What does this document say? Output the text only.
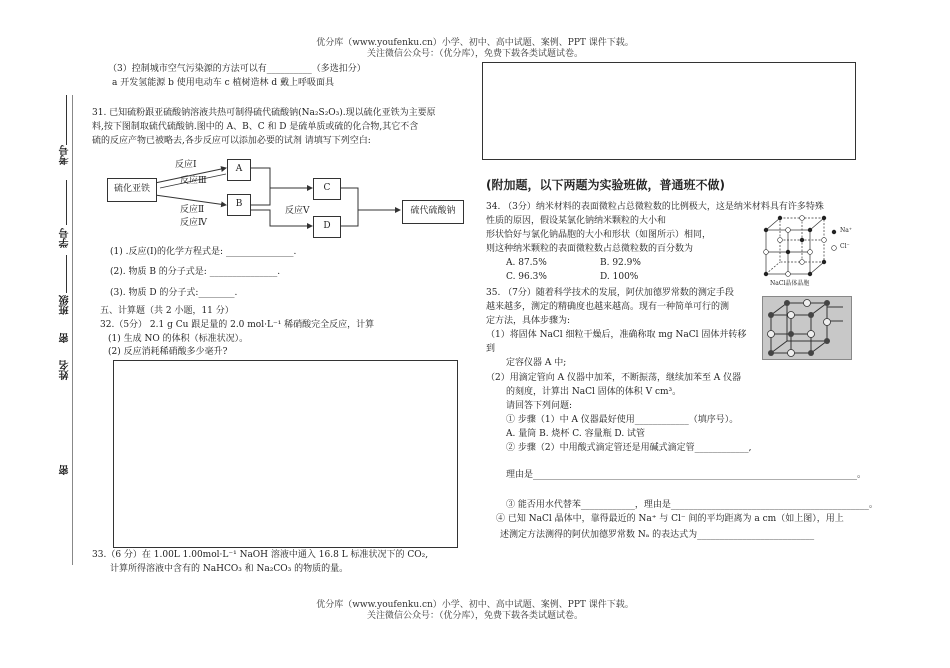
优分库（www.youfenku.cn）小学、初中、高中试题、案例、PPT 课件下载。
关注微信公众号：（优分库），免费下载各类试题试卷。
考号
学号
班级
密
姓名
密
（3）控制城市空气污染源的方法可以有__________（多选扣分）
a 开发氢能源 b 使用电动车 c 植树造林 d 戴上呼吸面具
31. 已知硫粉跟亚硫酸钠溶液共热可制得硫代硫酸钠(Na₂S₂O₃).现以硫化亚铁为主要原
料,按下图制取硫代硫酸钠.图中的 A、B、C 和 D 是硫单质或硫的化合物,其它不含
硫的反应产物已被略去,各步反应可以添加必要的试剂 请填写下列空白:
硫化亚铁
A
B
C
D
硫代硫酸钠
反应Ⅰ
反应Ⅲ
反应Ⅱ
反应Ⅳ
反应Ⅴ
(1) .反应(Ⅰ)的化学方程式是: _______________.
(2). 物质 B 的分子式是: _______________.
(3). 物质 D 的分子式:________.
五、计算题（共 2 小题，11 分）
32.（5分） 2.1 g Cu 跟足量的 2.0 mol·L⁻¹ 稀硝酸完全反应，计算
(1) 生成 NO 的体积（标准状况）。
(2) 反应消耗稀硝酸多少毫升?
33.（6 分）在 1.00L 1.00mol·L⁻¹ NaOH 溶液中通入 16.8 L 标准状况下的 CO₂,
计算所得溶液中含有的 NaHCO₃ 和 Na₂CO₃ 的物质的量。
(附加题，以下两题为实验班做，普通班不做)
34. （3分）纳米材料的表面微粒占总微粒数的比例极大，这是纳米材料具有许多特殊
性质的原因，假设某氯化钠纳米颗粒的大小和
形状恰好与氯化钠晶胞的大小和形状（如图所示）相同，
则这种纳米颗粒的表面微粒数占总微粒数的百分数为
A. 87.5%	B. 92.9%
C. 96.3%	D. 100%
Na⁺
Cl⁻
NaCl晶体晶胞
35. （7分）随着科学技术的发展，阿伏加德罗常数的测定手段
越来越多，测定的精确度也越来越高。现有一种简单可行的测
定方法，具体步骤为:
（1）将固体 NaCl 细粒干燥后，准确称取 mg NaCl 固体并转移
到
定容仪器 A 中;
（2）用滴定管向 A 仪器中加苯，不断振荡，继续加苯至 A 仪器
的刻度，计算出 NaCl 固体的体积 V cm³。
请回答下列问题:
① 步骤（1）中 A 仪器最好使用____________（填序号）。
A. 量筒 B. 烧杯 C. 容量瓶 D. 试管
② 步骤（2）中用酸式滴定管还是用碱式滴定管____________,
理由是________________________________________________________________________。
③ 能否用水代替苯____________，理由是____________________________________________。
④ 已知 NaCl 晶体中，靠得最近的 Na⁺ 与 Cl⁻ 间的平均距离为 a cm（如上图），用上
述测定方法测得的阿伏加德罗常数 Nₐ 的表达式为__________________________
优分库（www.youfenku.cn）小学、初中、高中试题、案例、PPT 课件下载。
关注微信公众号：（优分库），免费下载各类试题试卷。
